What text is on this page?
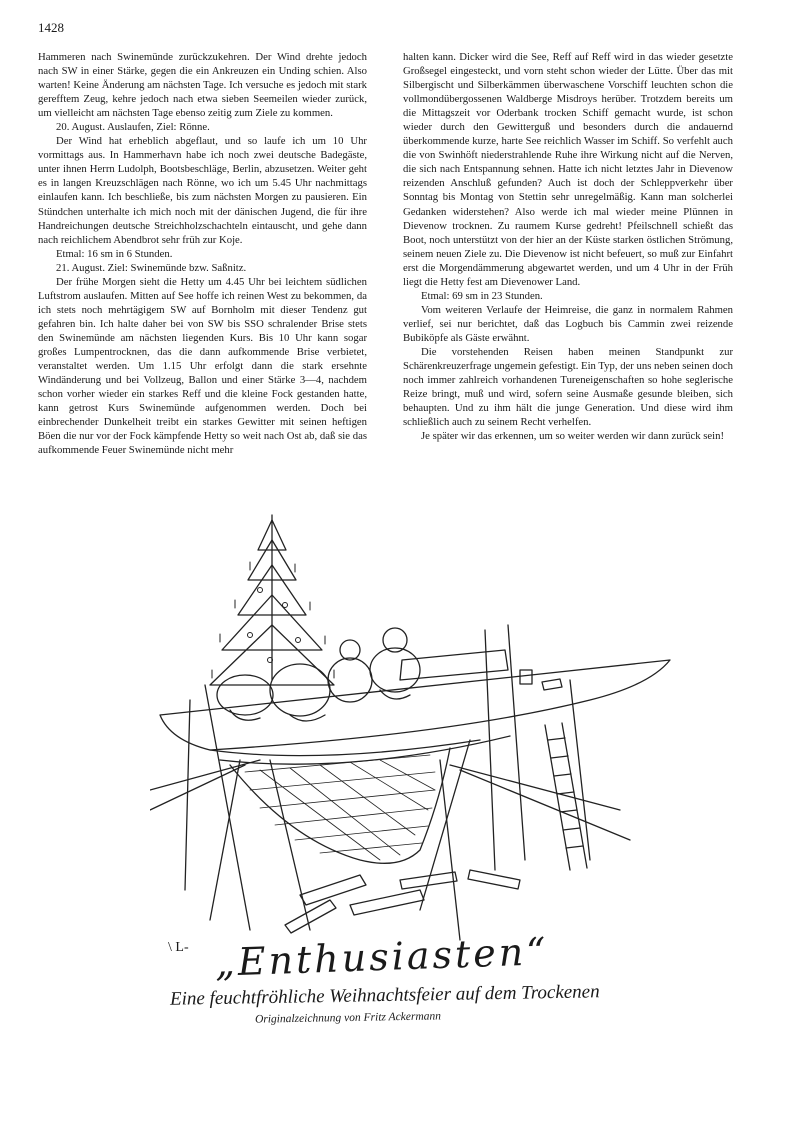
1428

Hammeren nach Swinemünde zurückzukehren. Der Wind drehte jedoch nach SW in einer Stärke, gegen die ein Ankreuzen ein Unding schien. Also warten! Keine Änderung am nächsten Tage. Ich versuche es jedoch mit stark gerefftem Zeug, kehre jedoch nach etwa sieben Seemeilen wieder zurück, um vielleicht am nächsten Tage ebenso zeitig zum Ziele zu kommen.

20. August. Auslaufen, Ziel: Rönne.

Der Wind hat erheblich abgeflaut, und so laufe ich um 10 Uhr vormittags aus. In Hammerhavn habe ich noch zwei deutsche Badegäste, unter ihnen Herrn Ludolph, Bootsbeschläge, Berlin, abzusetzen. Weiter geht es in langen Kreuzschlägen nach Rönne, wo ich um 5.45 Uhr nachmittags einlaufen kann. Ich beschließe, bis zum nächsten Morgen zu pausieren. Ein Stündchen unterhalte ich mich noch mit der dänischen Jugend, die für ihre Handreichungen deutsche Streichholzschachteln eintauscht, und gehe dann nach reichlichem Abendbrot sehr früh zur Koje.

Etmal: 16 sm in 6 Stunden.

21. August. Ziel: Swinemünde bzw. Saßnitz.

Der frühe Morgen sieht die Hetty um 4.45 Uhr bei leichtem südlichen Luftstrom auslaufen. Mitten auf See hoffe ich reinen West zu bekommen, da ich stets noch mehrtägigem SW auf Bornholm mit dieser Tendenz gut gefahren bin. Ich halte daher bei von SW bis SSO schralender Brise stets den Swinemünde am nächsten liegenden Kurs. Bis 10 Uhr kann sogar großes Lumpentrocknen, das die dann aufkommende Brise verbietet, veranstaltet werden. Um 1.15 Uhr erfolgt dann die stark ersehnte Windänderung und bei Vollzeug, Ballon und einer Stärke 3—4, nachdem schon vorher wieder ein starkes Reff und die kleine Fock gestanden hatte, kann getrost Kurs Swinemünde aufgenommen werden. Doch bei einbrechender Dunkelheit treibt ein starkes Gewitter mit seinen heftigen Böen die nur vor der Fock kämpfende Hetty so weit nach Ost ab, daß sie das aufkommende Feuer Swinemünde nicht mehr

halten kann. Dicker wird die See, Reff auf Reff wird in das wieder gesetzte Großsegel eingesteckt, und vorn steht schon wieder der Lütte. Über das mit Silbergischt und Silberkämmen überwaschene Vorschiff leuchten schon die vollmondübergossenen Waldberge Misdroys herüber. Trotzdem bereits um die Mittagszeit vor Oderbank trocken Schiff gemacht wurde, ist schon wieder durch den Gewitterguß und besonders durch die andauernd überkommende kurze, harte See reichlich Wasser im Schiff. So verfehlt auch die von Swinhöft niederstrahlende Ruhe ihre Wirkung nicht auf die Nerven, die sich nach Entspannung sehnen. Hatte ich nicht letztes Jahr in Dievenow reizenden Anschluß gefunden? Auch ist doch der Schleppverkehr über Sonntag bis Montag von Stettin sehr unregelmäßig. Kann man solcherlei Gedanken widerstehen? Also werde ich mal wieder meine Plünnen in Dievenow trocknen. Zu raumem Kurse gedreht! Pfeilschnell schießt das Boot, noch unterstützt von der hier an der Küste starken östlichen Strömung, seinem neuen Ziele zu. Die Dievenow ist nicht befeuert, so muß zur Einfahrt erst die Morgendämmerung abgewartet werden, und um 4 Uhr in der Früh liegt die Hetty fest am Dievenower Land.

Etmal: 69 sm in 23 Stunden.

Vom weiteren Verlaufe der Heimreise, die ganz in normalem Rahmen verlief, sei nur berichtet, daß das Logbuch bis Cammin zwei reizende Bubiköpfe als Gäste erwähnt.

Die vorstehenden Reisen haben meinen Standpunkt zur Schärenkreuzerfrage ungemein gefestigt. Ein Typ, der uns neben seinen doch noch immer zahlreich vorhandenen Tureneigenschaften so hohe seglerische Reize bringt, muß und wird, sofern seine Ausmaße gesunde bleiben, sich behaupten. Und zu ihm hält die junge Generation. Und diese wird ihm schließlich auch zu seinem Recht verhelfen.

Je später wir das erkennen, um so weiter werden wir dann zurück sein!

\ L- „Enthusiasten“
Eine feuchtfröhliche Weihnachtsfeier auf dem Trockenen
Originalzeichnung von Fritz Ackermann
